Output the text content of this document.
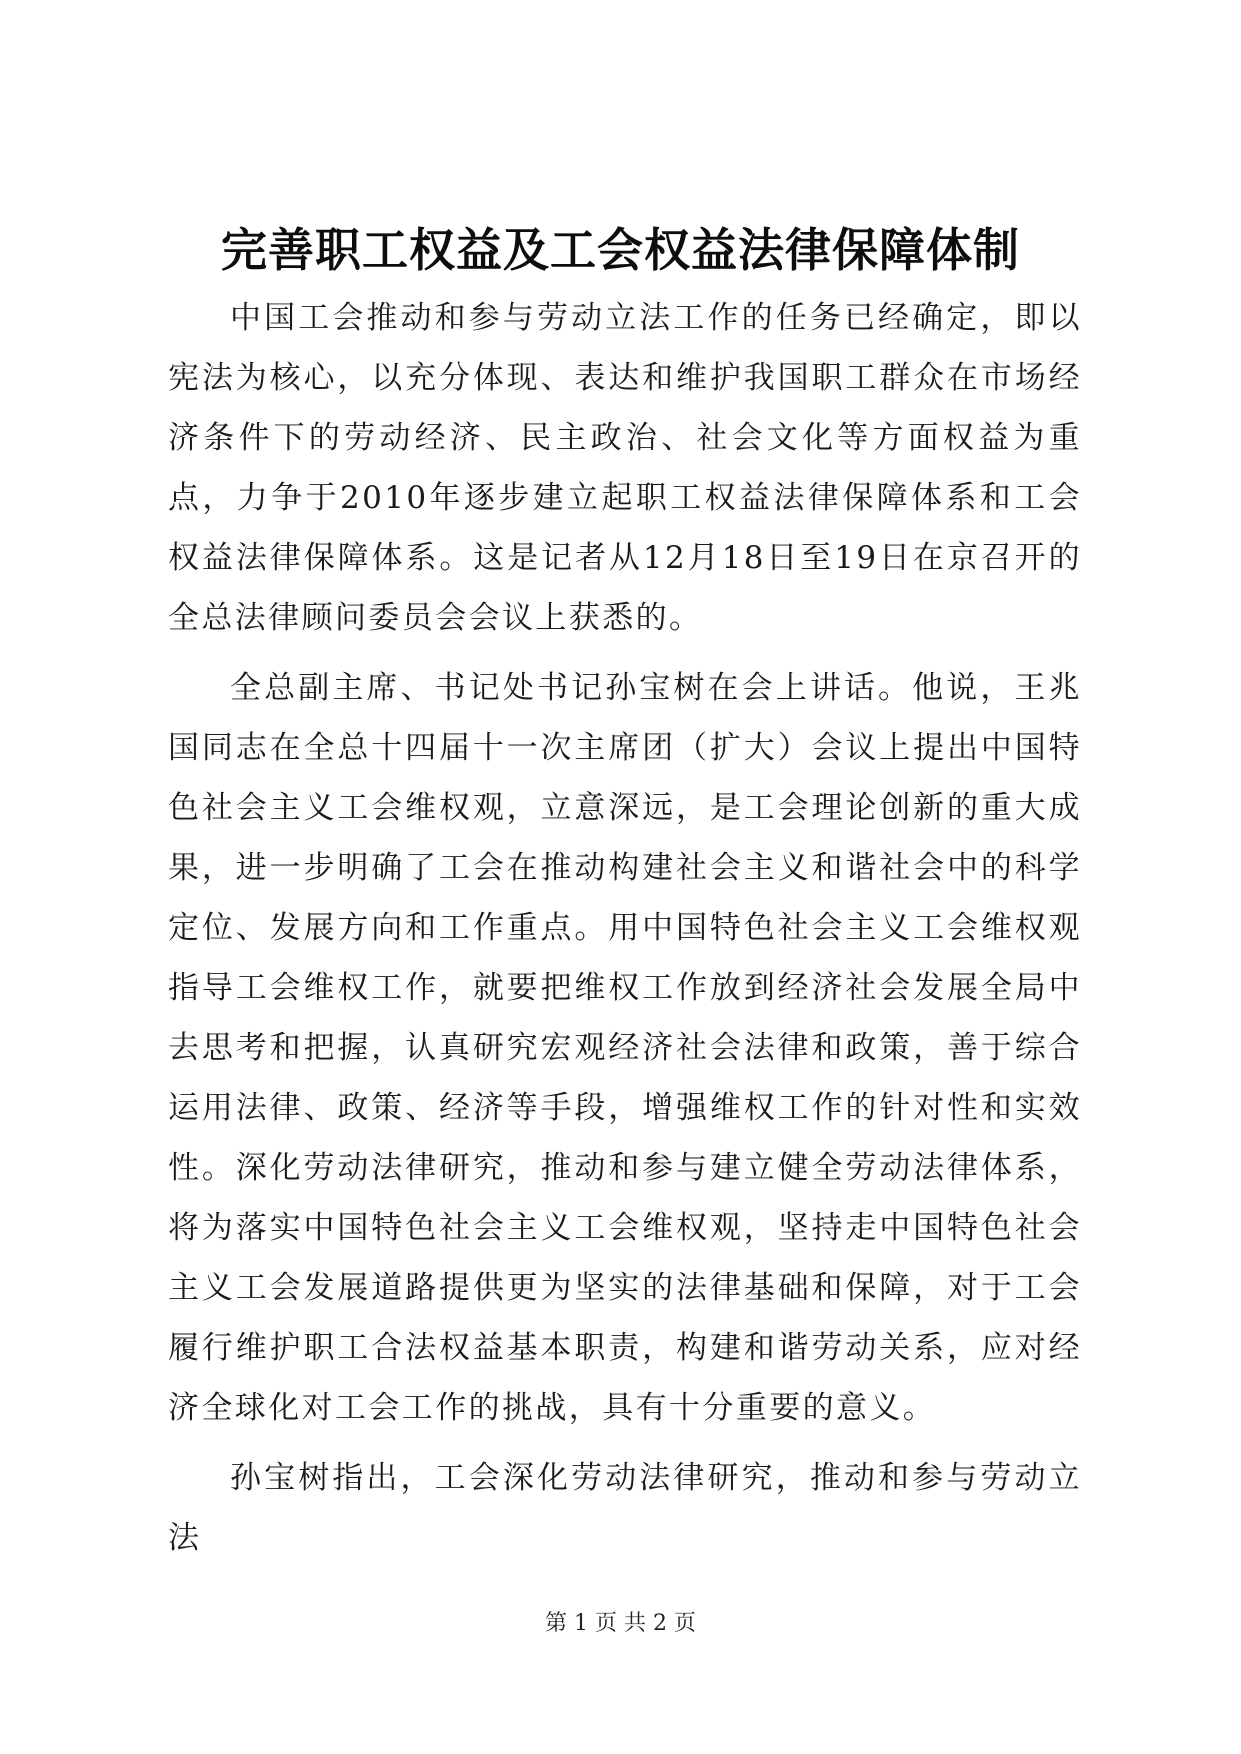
完善职工权益及工会权益法律保障体制

中国工会推动和参与劳动立法工作的任务已经确定，即以宪法为核心，以充分体现、表达和维护我国职工群众在市场经济条件下的劳动经济、民主政治、社会文化等方面权益为重点，力争于2010年逐步建立起职工权益法律保障体系和工会权益法律保障体系。这是记者从12月18日至19日在京召开的全总法律顾问委员会会议上获悉的。

全总副主席、书记处书记孙宝树在会上讲话。他说，王兆国同志在全总十四届十一次主席团（扩大）会议上提出中国特色社会主义工会维权观，立意深远，是工会理论创新的重大成果，进一步明确了工会在推动构建社会主义和谐社会中的科学定位、发展方向和工作重点。用中国特色社会主义工会维权观指导工会维权工作，就要把维权工作放到经济社会发展全局中去思考和把握，认真研究宏观经济社会法律和政策，善于综合运用法律、政策、经济等手段，增强维权工作的针对性和实效性。深化劳动法律研究，推动和参与建立健全劳动法律体系，将为落实中国特色社会主义工会维权观，坚持走中国特色社会主义工会发展道路提供更为坚实的法律基础和保障，对于工会履行维护职工合法权益基本职责，构建和谐劳动关系，应对经济全球化对工会工作的挑战，具有十分重要的意义。

孙宝树指出，工会深化劳动法律研究，推动和参与劳动立法

第 1 页 共 2 页
